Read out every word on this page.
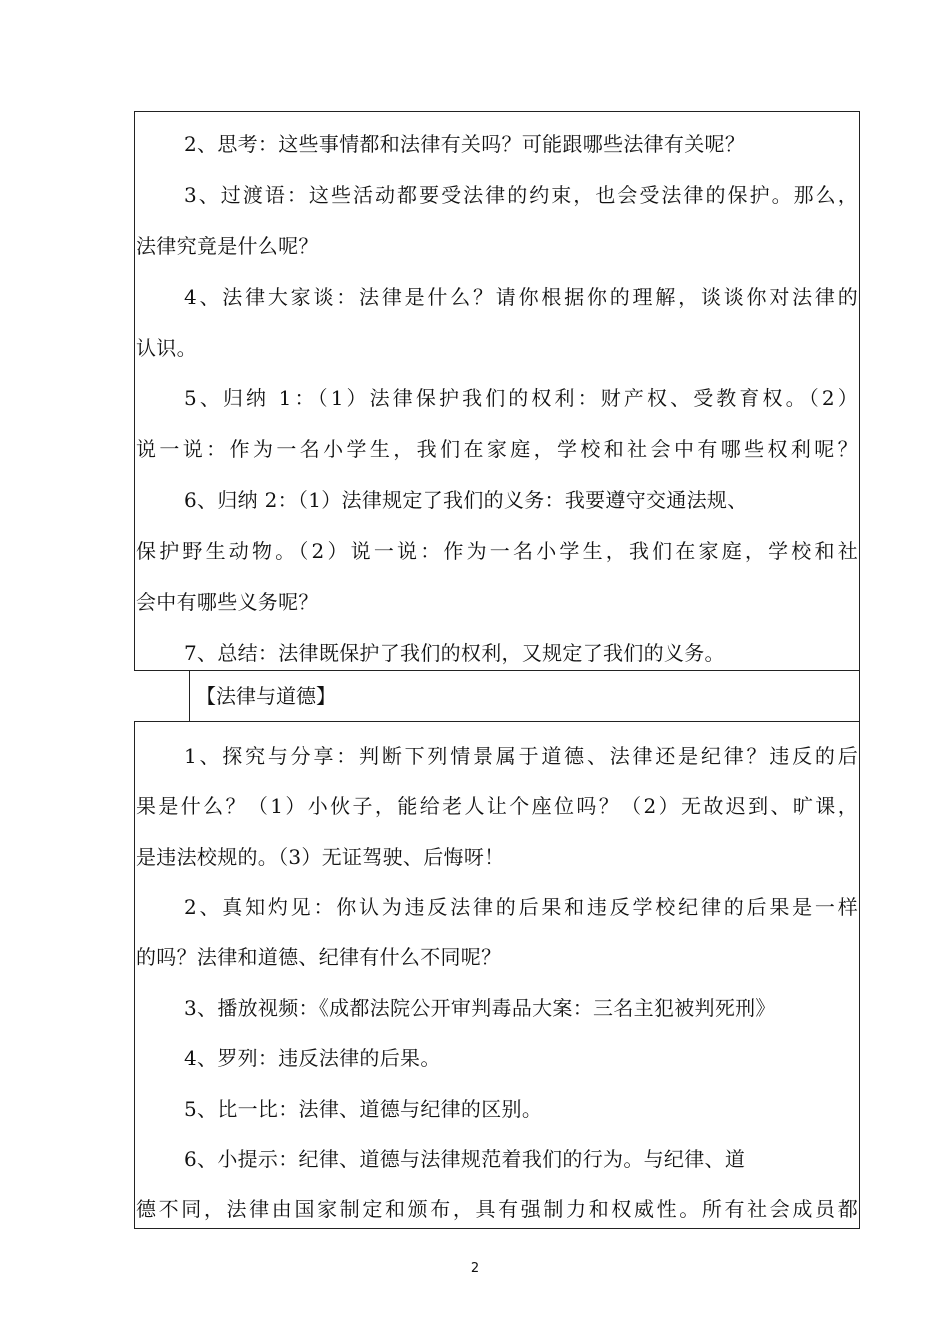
2、思考：这些事情都和法律有关吗？可能跟哪些法律有关呢？
3、过渡语：这些活动都要受法律的约束，也会受法律的保护。那么，
法律究竟是什么呢？
4、法律大家谈：法律是什么？请你根据你的理解，谈谈你对法律的
认识。
5、归纳 1：（1）法律保护我们的权利：财产权、受教育权。（2）
说一说：作为一名小学生，我们在家庭，学校和社会中有哪些权利呢？
6、归纳 2：（1）法律规定了我们的义务：我要遵守交通法规、
保护野生动物。（2）说一说：作为一名小学生，我们在家庭，学校和社
会中有哪些义务呢？
7、总结：法律既保护了我们的权利，又规定了我们的义务。
【法律与道德】
1、探究与分享：判断下列情景属于道德、法律还是纪律？违反的后
果是什么？（1）小伙子，能给老人让个座位吗？（2）无故迟到、旷课，
是违法校规的。（3）无证驾驶、后悔呀！
2、真知灼见：你认为违反法律的后果和违反学校纪律的后果是一样
的吗？法律和道德、纪律有什么不同呢？
3、播放视频：《成都法院公开审判毒品大案：三名主犯被判死刑》
4、罗列：违反法律的后果。
5、比一比：法律、道德与纪律的区别。
6、小提示：纪律、道德与法律规范着我们的行为。与纪律、道
德不同，法律由国家制定和颁布，具有强制力和权威性。所有社会成员都
2
